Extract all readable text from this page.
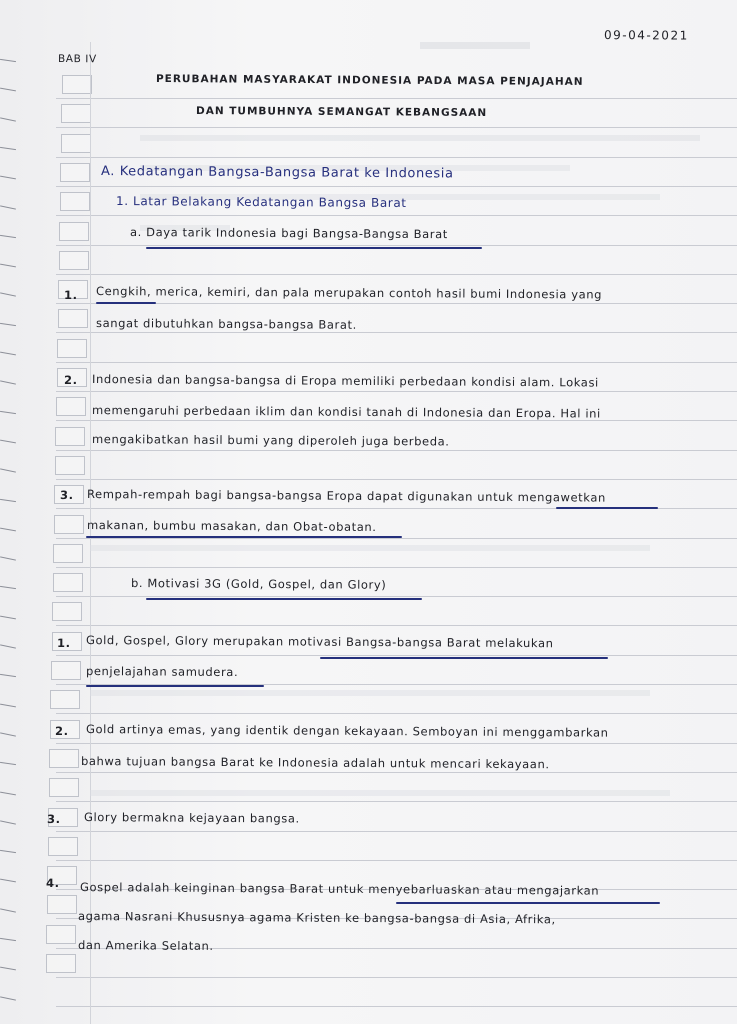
09-04-2021
BAB IV
PERUBAHAN MASYARAKAT INDONESIA PADA MASA PENJAJAHAN
DAN TUMBUHNYA SEMANGAT KEBANGSAAN
A. Kedatangan Bangsa-Bangsa Barat ke Indonesia
1. Latar Belakang Kedatangan Bangsa Barat
a. Daya tarik Indonesia bagi Bangsa-Bangsa Barat
1. Cengkih, merica, kemiri, dan pala merupakan contoh hasil bumi Indonesia yang
sangat dibutuhkan bangsa-bangsa Barat.
2. Indonesia dan bangsa-bangsa di Eropa memiliki perbedaan kondisi alam. Lokasi
memengaruhi perbedaan iklim dan kondisi tanah di Indonesia dan Eropa. Hal ini
mengakibatkan hasil bumi yang diperoleh juga berbeda.
3. Rempah-rempah bagi bangsa-bangsa Eropa dapat digunakan untuk mengawetkan
makanan, bumbu masakan, dan Obat-obatan.
b. Motivasi 3G (Gold, Gospel, dan Glory)
1. Gold, Gospel, Glory merupakan motivasi Bangsa-bangsa Barat melakukan
penjelajahan samudera.
2. Gold artinya emas, yang identik dengan kekayaan. Semboyan ini menggambarkan
bahwa tujuan bangsa Barat ke Indonesia adalah untuk mencari kekayaan.
3. Glory bermakna kejayaan bangsa.
4. Gospel adalah keinginan bangsa Barat untuk menyebarluaskan atau mengajarkan
agama Nasrani Khususnya agama Kristen ke bangsa-bangsa di Asia, Afrika,
dan Amerika Selatan.
